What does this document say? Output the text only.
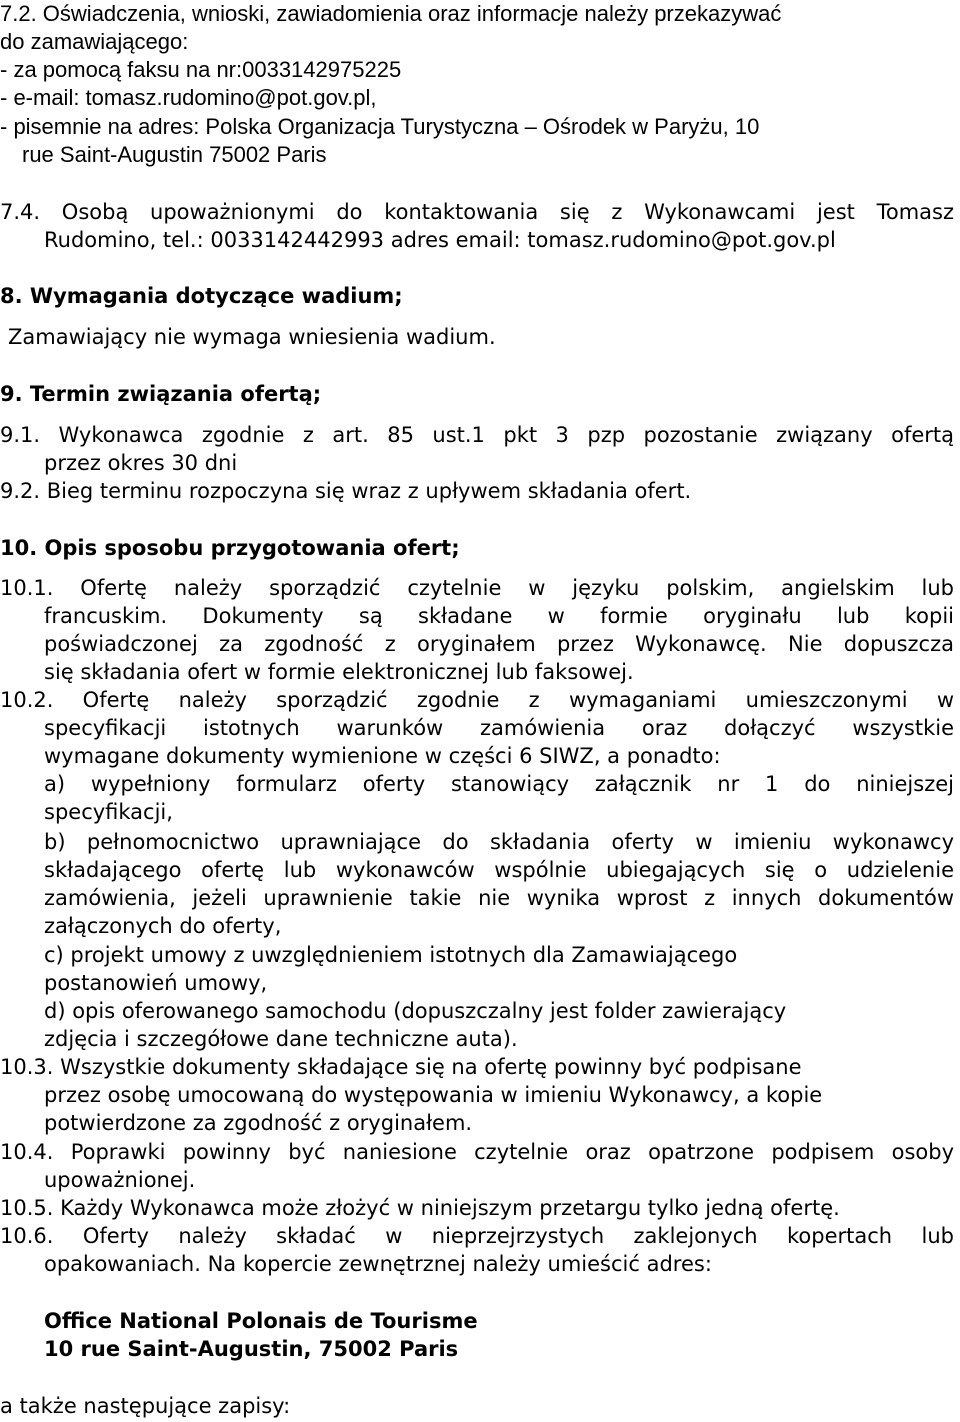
7.2. Oświadczenia, wnioski, zawiadomienia oraz informacje należy przekazywać
do zamawiającego:
- za pomocą faksu na nr:0033142975225
- e-mail: tomasz.rudomino@pot.gov.pl,
- pisemnie na adres: Polska Organizacja Turystyczna – Ośrodek w Paryżu, 10
rue Saint-Augustin 75002 Paris
7.4. Osobą upoważnionymi do kontaktowania się z Wykonawcami jest Tomasz
Rudomino, tel.: 0033142442993 adres email: tomasz.rudomino@pot.gov.pl
8. Wymagania dotyczące wadium;
Zamawiający nie wymaga wniesienia wadium.
9. Termin związania ofertą;
9.1. Wykonawca zgodnie z art. 85 ust.1 pkt 3 pzp pozostanie związany ofertą
przez okres 30 dni
9.2. Bieg terminu rozpoczyna się wraz z upływem składania ofert.
10. Opis sposobu przygotowania ofert;
10.1. Ofertę należy sporządzić czytelnie w języku polskim, angielskim lub
francuskim. Dokumenty są składane w formie oryginału lub kopii
poświadczonej za zgodność z oryginałem przez Wykonawcę. Nie dopuszcza
się składania ofert w formie elektronicznej lub faksowej.
10.2. Ofertę należy sporządzić zgodnie z wymaganiami umieszczonymi w
specyfikacji istotnych warunków zamówienia oraz dołączyć wszystkie
wymagane dokumenty wymienione w części 6 SIWZ, a ponadto:
a) wypełniony formularz oferty stanowiący załącznik nr 1 do niniejszej
specyfikacji,
b) pełnomocnictwo uprawniające do składania oferty w imieniu wykonawcy
składającego ofertę lub wykonawców wspólnie ubiegających się o udzielenie
zamówienia, jeżeli uprawnienie takie nie wynika wprost z innych dokumentów
załączonych do oferty,
c) projekt umowy z uwzględnieniem istotnych dla Zamawiającego
postanowień umowy,
d) opis oferowanego samochodu (dopuszczalny jest folder zawierający
zdjęcia i szczegółowe dane techniczne auta).
10.3. Wszystkie dokumenty składające się na ofertę powinny być podpisane
przez osobę umocowaną do występowania w imieniu Wykonawcy, a kopie
potwierdzone za zgodność z oryginałem.
10.4. Poprawki powinny być naniesione czytelnie oraz opatrzone podpisem osoby
upoważnionej.
10.5. Każdy Wykonawca może złożyć w niniejszym przetargu tylko jedną ofertę.
10.6. Oferty należy składać w nieprzejrzystych zaklejonych kopertach lub
opakowaniach. Na kopercie zewnętrznej należy umieścić adres:
Office National Polonais de Tourisme
10 rue Saint-Augustin, 75002 Paris
a także następujące zapisy:
